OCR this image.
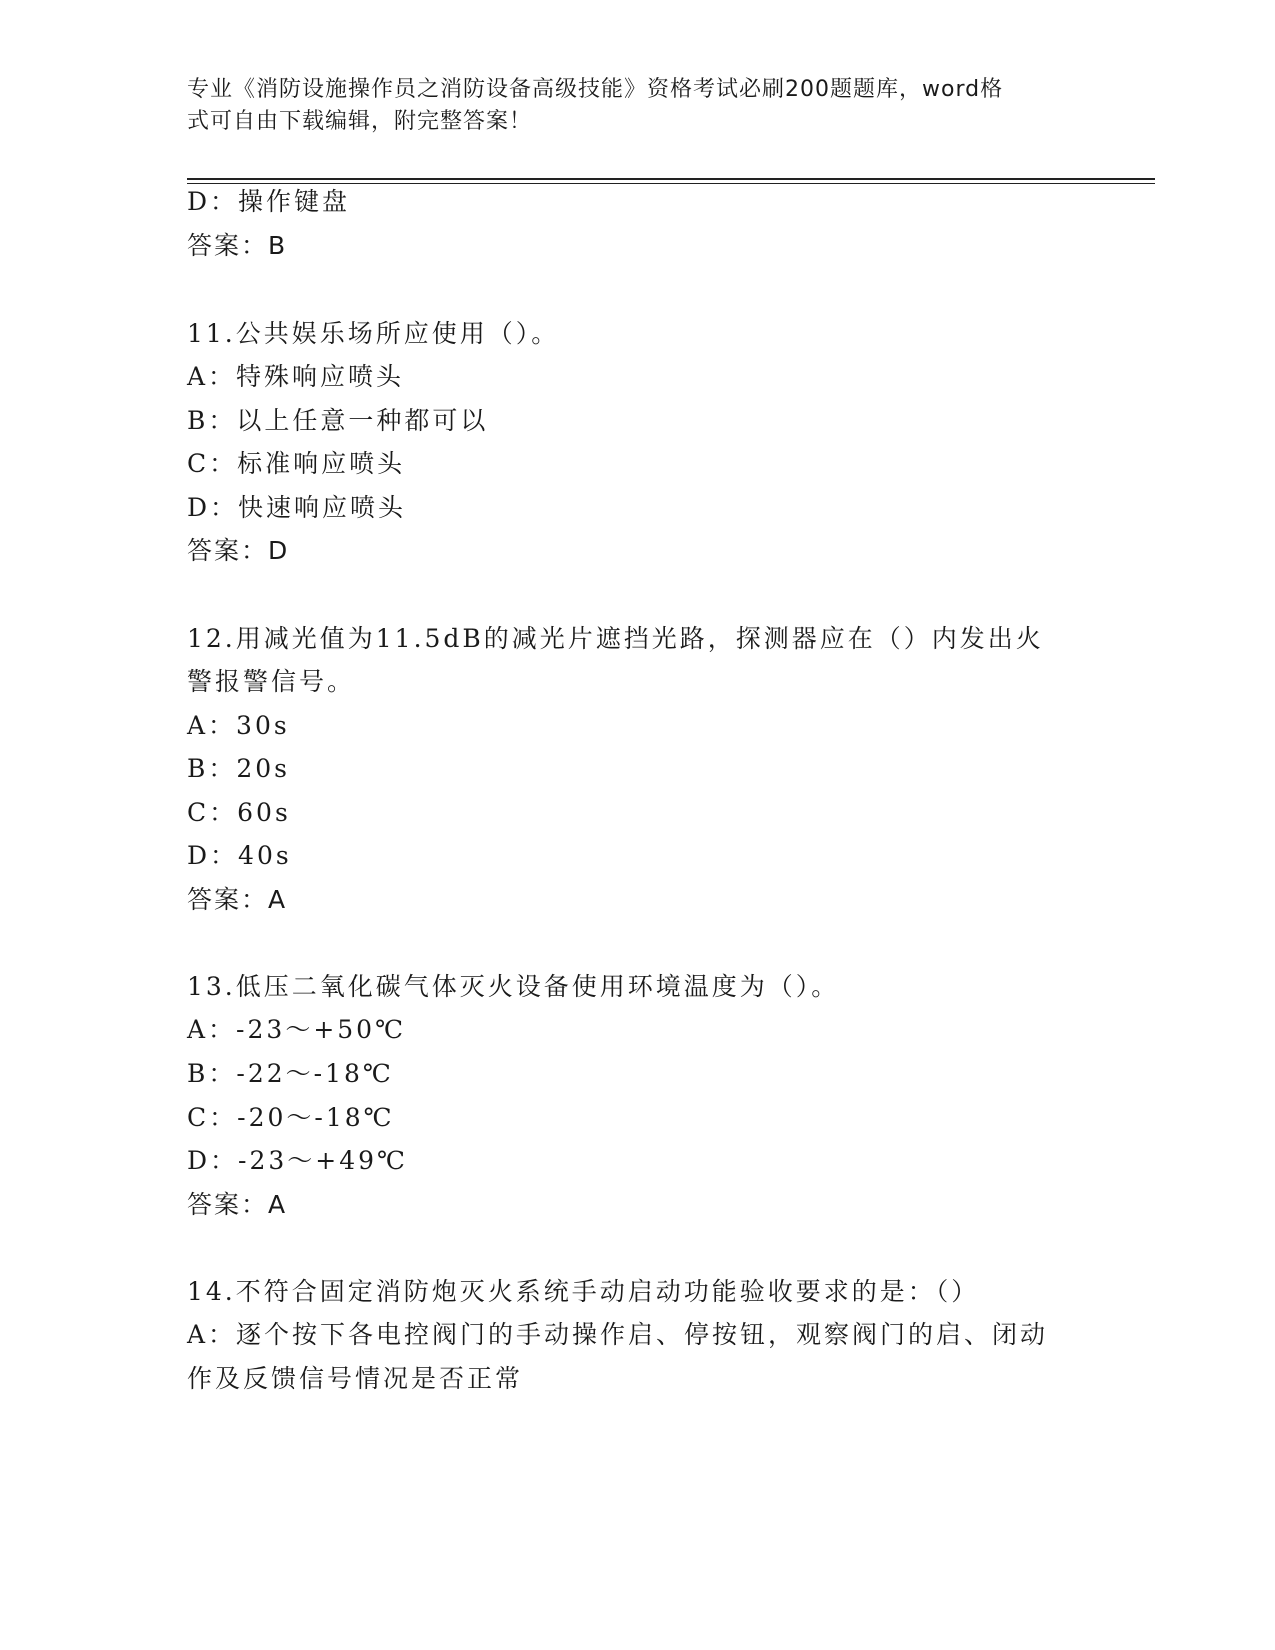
专业《消防设施操作员之消防设备高级技能》资格考试必刷200题题库，word格
式可自由下载编辑，附完整答案！
D：操作键盘
答案：B
11.公共娱乐场所应使用（）。
A：特殊响应喷头
B：以上任意一种都可以
C：标准响应喷头
D：快速响应喷头
答案：D
12.用减光值为11.5dB的减光片遮挡光路，探测器应在（）内发出火
警报警信号。
A：30s
B：20s
C：60s
D：40s
答案：A
13.低压二氧化碳气体灭火设备使用环境温度为（）。
A：-23～+50℃
B：-22～-18℃
C：-20～-18℃
D：-23～+49℃
答案：A
14.不符合固定消防炮灭火系统手动启动功能验收要求的是：（）
A：逐个按下各电控阀门的手动操作启、停按钮，观察阀门的启、闭动
作及反馈信号情况是否正常
